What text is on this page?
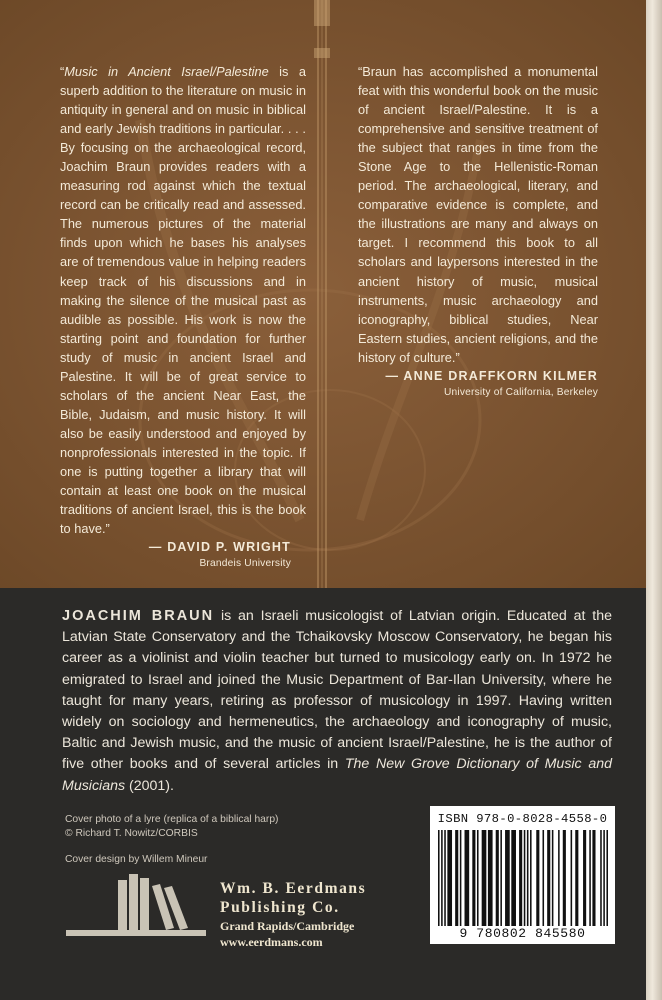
“Music in Ancient Israel/Palestine is a superb addition to the literature on music in antiquity in general and on music in biblical and early Jewish traditions in particular. . . . By focusing on the archaeological record, Joachim Braun provides readers with a measuring rod against which the textual record can be critically read and assessed. The numerous pictures of the material finds upon which he bases his analyses are of tremendous value in helping readers keep track of his discussions and in making the silence of the musical past as audible as possible. His work is now the starting point and foundation for further study of music in ancient Israel and Palestine. It will be of great service to scholars of the ancient Near East, the Bible, Judaism, and music history. It will also be easily understood and enjoyed by nonprofessionals interested in the topic. If one is putting together a library that will contain at least one book on the musical traditions of ancient Israel, this is the book to have.”

— DAVID P. WRIGHT
Brandeis University

“Braun has accomplished a monumental feat with this wonderful book on the music of ancient Israel/Palestine. It is a comprehensive and sensitive treatment of the subject that ranges in time from the Stone Age to the Hellenistic-Roman period. The archaeological, literary, and comparative evidence is complete, and the illustrations are many and always on target. I recommend this book to all scholars and laypersons interested in the ancient history of music, musical instruments, music archaeology and iconography, biblical studies, Near Eastern studies, ancient religions, and the history of culture.”

— ANNE DRAFFKORN KILMER
University of California, Berkeley

JOACHIM BRAUN is an Israeli musicologist of Latvian origin. Educated at the Latvian State Conservatory and the Tchaikovsky Moscow Conservatory, he began his career as a violinist and violin teacher but turned to musicology early on. In 1972 he emigrated to Israel and joined the Music Department of Bar-Ilan University, where he taught for many years, retiring as professor of musicology in 1997. Having written widely on sociology and hermeneutics, the archaeology and iconography of music, Baltic and Jewish music, and the music of ancient Israel/Palestine, he is the author of five other books and of several articles in The New Grove Dictionary of Music and Musicians (2001).

Cover photo of a lyre (replica of a biblical harp)
© Richard T. Nowitz/CORBIS
Cover design by Willem Mineur
Wm. B. Eerdmans
Publishing Co.
Grand Rapids/Cambridge
www.eerdmans.com
ISBN 978-0-8028-4558-0
9 780802 845580
